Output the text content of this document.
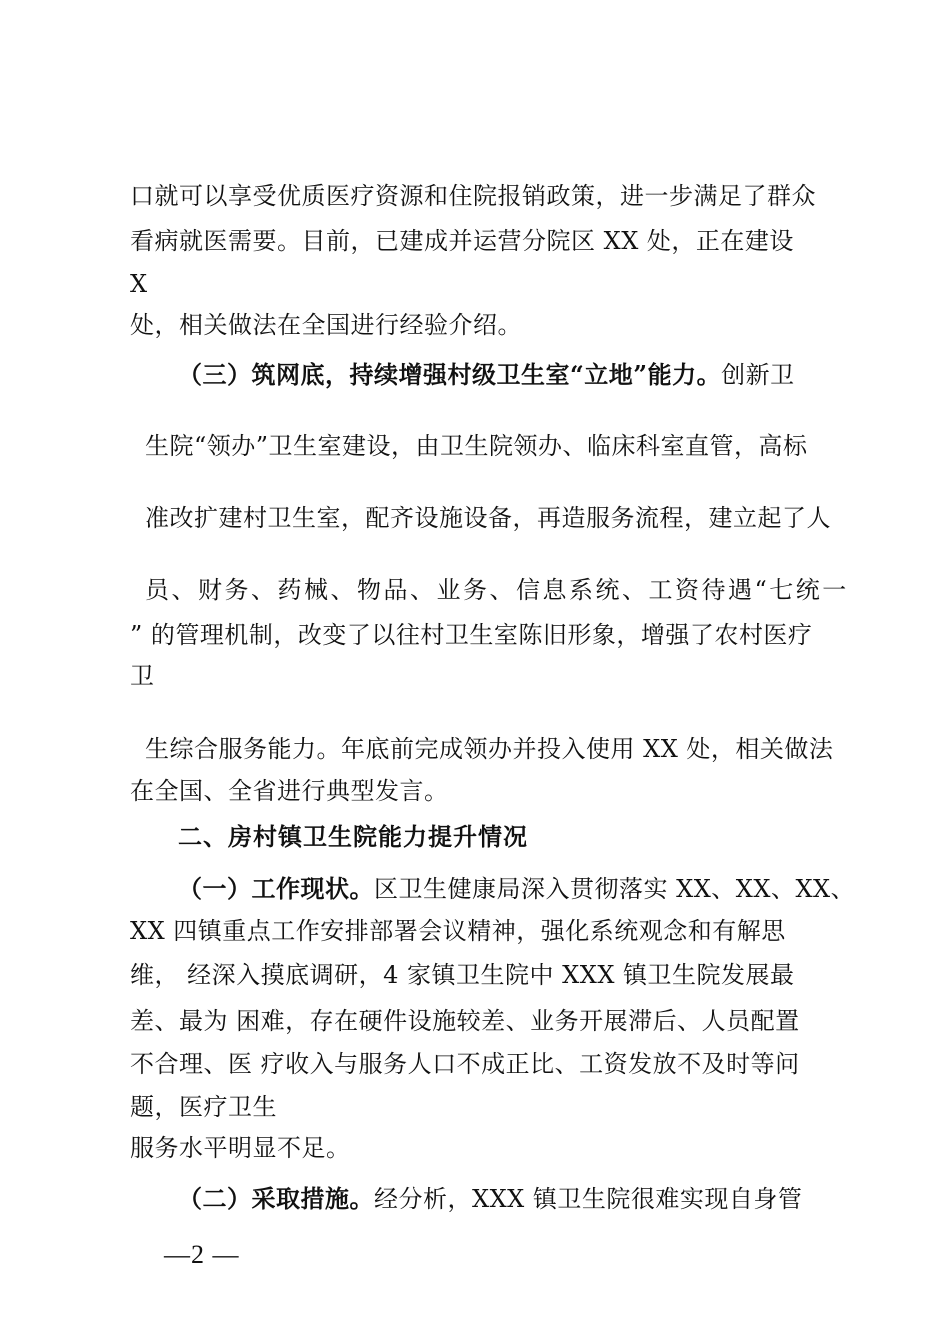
口就可以享受优质医疗资源和住院报销政策，进一步满足了群众
看病就医需要。目前，已建成并运营分院区 XX 处，正在建设
X
处，相关做法在全国进行经验介绍。
（三）筑网底，持续增强村级卫生室“立地”能力。创新卫
生院“领办”卫生室建设，由卫生院领办、临床科室直管，高标
准改扩建村卫生室，配齐设施设备，再造服务流程，建立起了人
员、财务、药械、物品、业务、信息系统、工资待遇“七统一
” 的管理机制，改变了以往村卫生室陈旧形象，增强了农村医疗
卫
生综合服务能力。年底前完成领办并投入使用 XX 处，相关做法
在全国、全省进行典型发言。
二、房村镇卫生院能力提升情况
（一）工作现状。区卫生健康局深入贯彻落实 XX、XX、XX、
XX 四镇重点工作安排部署会议精神，强化系统观念和有解思
维， 经深入摸底调研，4 家镇卫生院中 XXX 镇卫生院发展最
差、最为 困难，存在硬件设施较差、业务开展滞后、人员配置
不合理、医 疗收入与服务人口不成正比、工资发放不及时等问
题，医疗卫生
服务水平明显不足。
（二）采取措施。经分析，XXX 镇卫生院很难实现自身管
—2 —
